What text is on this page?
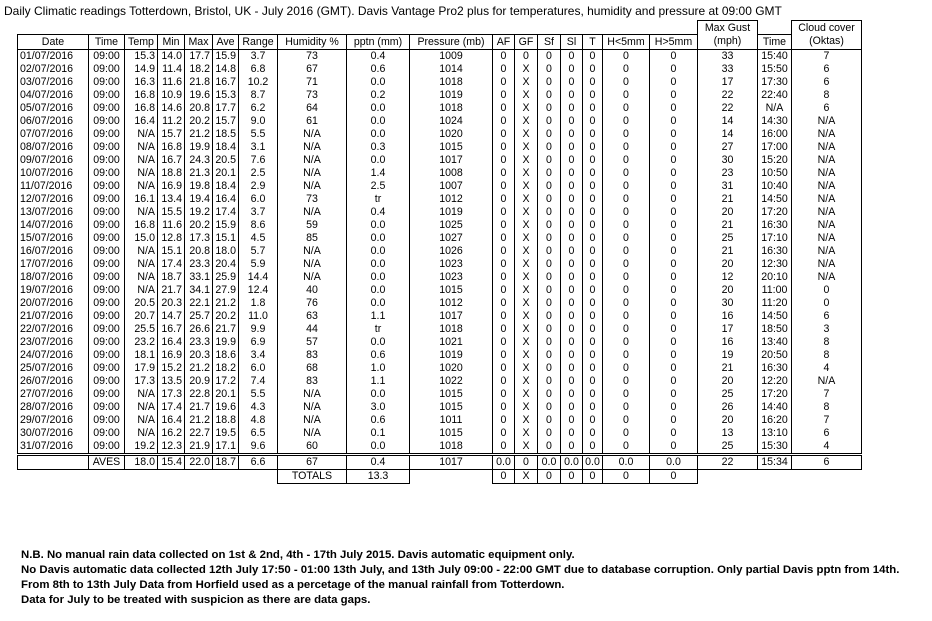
Daily Climatic readings Totterdown, Bristol, UK - July 2016 (GMT). Davis Vantage Pro2 plus for temperatures, humidity and pressure at 09:00 GMT
																	Max Gust		Cloud cover
Date	Time	Temp	Min	Max	Ave	Range	Humidity %	pptn (mm)	Pressure (mb)	AF	GF	Sf	Sl	T	H<5mm	H>5mm	(mph)	Time	(Oktas)
01/07/2016	09:00	15.3	14.0	17.7	15.9	3.7	73	0.4	1009	0	0	0	0	0	0	0	33	15:40	7
02/07/2016	09:00	14.9	11.4	18.2	14.8	6.8	67	0.6	1014	0	X	0	0	0	0	0	33	15:50	6
03/07/2016	09:00	16.3	11.6	21.8	16.7	10.2	71	0.0	1018	0	X	0	0	0	0	0	17	17:30	6
04/07/2016	09:00	16.8	10.9	19.6	15.3	8.7	73	0.2	1019	0	X	0	0	0	0	0	22	22:40	8
05/07/2016	09:00	16.8	14.6	20.8	17.7	6.2	64	0.0	1018	0	X	0	0	0	0	0	22	N/A	6
06/07/2016	09:00	16.4	11.2	20.2	15.7	9.0	61	0.0	1024	0	X	0	0	0	0	0	14	14:30	N/A
07/07/2016	09:00	N/A	15.7	21.2	18.5	5.5	N/A	0.0	1020	0	X	0	0	0	0	0	14	16:00	N/A
08/07/2016	09:00	N/A	16.8	19.9	18.4	3.1	N/A	0.3	1015	0	X	0	0	0	0	0	27	17:00	N/A
09/07/2016	09:00	N/A	16.7	24.3	20.5	7.6	N/A	0.0	1017	0	X	0	0	0	0	0	30	15:20	N/A
10/07/2016	09:00	N/A	18.8	21.3	20.1	2.5	N/A	1.4	1008	0	X	0	0	0	0	0	23	10:50	N/A
11/07/2016	09:00	N/A	16.9	19.8	18.4	2.9	N/A	2.5	1007	0	X	0	0	0	0	0	31	10:40	N/A
12/07/2016	09:00	16.1	13.4	19.4	16.4	6.0	73	tr	1012	0	X	0	0	0	0	0	21	14:50	N/A
13/07/2016	09:00	N/A	15.5	19.2	17.4	3.7	N/A	0.4	1019	0	X	0	0	0	0	0	20	17:20	N/A
14/07/2016	09:00	16.8	11.6	20.2	15.9	8.6	59	0.0	1025	0	X	0	0	0	0	0	21	16:30	N/A
15/07/2016	09:00	15.0	12.8	17.3	15.1	4.5	85	0.0	1027	0	X	0	0	0	0	0	25	17:10	N/A
16/07/2016	09:00	N/A	15.1	20.8	18.0	5.7	N/A	0.0	1026	0	X	0	0	0	0	0	21	16:30	N/A
17/07/2016	09:00	N/A	17.4	23.3	20.4	5.9	N/A	0.0	1023	0	X	0	0	0	0	0	20	12:30	N/A
18/07/2016	09:00	N/A	18.7	33.1	25.9	14.4	N/A	0.0	1023	0	X	0	0	0	0	0	12	20:10	N/A
19/07/2016	09:00	N/A	21.7	34.1	27.9	12.4	40	0.0	1015	0	X	0	0	0	0	0	20	11:00	0
20/07/2016	09:00	20.5	20.3	22.1	21.2	1.8	76	0.0	1012	0	X	0	0	0	0	0	30	11:20	0
21/07/2016	09:00	20.7	14.7	25.7	20.2	11.0	63	1.1	1017	0	X	0	0	0	0	0	16	14:50	6
22/07/2016	09:00	25.5	16.7	26.6	21.7	9.9	44	tr	1018	0	X	0	0	0	0	0	17	18:50	3
23/07/2016	09:00	23.2	16.4	23.3	19.9	6.9	57	0.0	1021	0	X	0	0	0	0	0	16	13:40	8
24/07/2016	09:00	18.1	16.9	20.3	18.6	3.4	83	0.6	1019	0	X	0	0	0	0	0	19	20:50	8
25/07/2016	09:00	17.9	15.2	21.2	18.2	6.0	68	1.0	1020	0	X	0	0	0	0	0	21	16:30	4
26/07/2016	09:00	17.3	13.5	20.9	17.2	7.4	83	1.1	1022	0	X	0	0	0	0	0	20	12:20	N/A
27/07/2016	09:00	N/A	17.3	22.8	20.1	5.5	N/A	0.0	1015	0	X	0	0	0	0	0	25	17:20	7
28/07/2016	09:00	N/A	17.4	21.7	19.6	4.3	N/A	3.0	1015	0	X	0	0	0	0	0	26	14:40	8
29/07/2016	09:00	N/A	16.4	21.2	18.8	4.8	N/A	0.6	1011	0	X	0	0	0	0	0	20	16:20	7
30/07/2016	09:00	N/A	16.2	22.7	19.5	6.5	N/A	0.1	1015	0	X	0	0	0	0	0	13	13:10	6
31/07/2016	09:00	19.2	12.3	21.9	17.1	9.6	60	0.0	1018	0	X	0	0	0	0	0	25	15:30	4
	AVES	18.0	15.4	22.0	18.7	6.6	67	0.4	1017	0.0	0	0.0	0.0	0.0	0.0	0.0	22	15:34	6
							TOTALS	13.3		0	X	0	0	0	0	0			
N.B. No manual rain data collected on 1st & 2nd, 4th - 17th July 2015. Davis automatic equipment only.
No Davis automatic data collected 12th July 17:50 - 01:00 13th July, and 13th July 09:00 - 22:00 GMT due to database corruption. Only partial Davis pptn from 14th.
From 8th to 13th July Data from Horfield used as a percetage of the manual rainfall from Totterdown.
Data for July to be treated with suspicion as there are data gaps.
